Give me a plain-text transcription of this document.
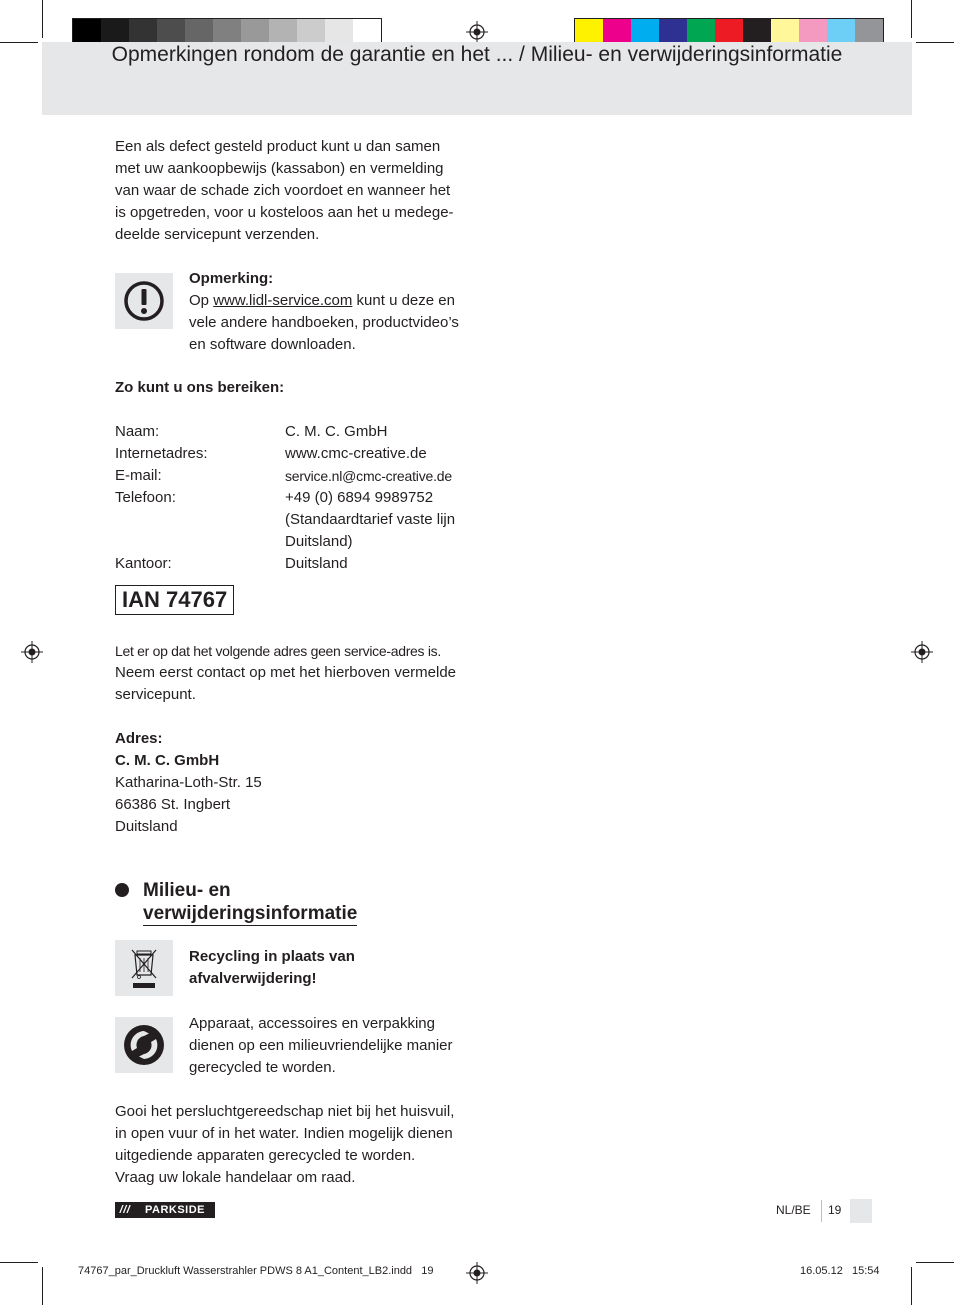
Opmerkingen rondom de garantie en het ... / Milieu- en verwijderingsinformatie
Een als defect gesteld product kunt u dan samen
met uw aankoopbewijs (kassabon) en vermelding
van waar de schade zich voordoet en wanneer het
is opgetreden, voor u kosteloos aan het u medege-
deelde servicepunt verzenden.
Opmerking:
Op www.lidl-service.com kunt u deze en
vele andere handboeken, productvideo’s
en software downloaden.
Zo kunt u ons bereiken:
Naam:	C. M. C. GmbH
Internetadres:	www.cmc-creative.de
E-mail:	service.nl@cmc-creative.de
Telefoon:	+49 (0) 6894 9989752
(Standaardtarief vaste lijn
Duitsland)
Kantoor:	Duitsland
IAN 74767
Let er op dat het volgende adres geen service-adres is.
Neem eerst contact op met het hierboven vermelde
servicepunt.
Adres:
C. M. C. GmbH
Katharina-Loth-Str. 15
66386 St. Ingbert
Duitsland
Milieu- en
verwijderingsinformatie
Recycling in plaats van
afvalverwijdering!
Apparaat, accessoires en verpakking
dienen op een milieuvriendelijke manier
gerecycled te worden.
Gooi het persluchtgereedschap niet bij het huisvuil,
in open vuur of in het water. Indien mogelijk dienen
uitgediende apparaten gerecycled te worden.
Vraag uw lokale handelaar om raad.
///	PARKSIDE	NL/BE 19
74767_par_Druckluft Wasserstrahler PDWS 8 A1_Content_LB2.indd   19	16.05.12   15:54
